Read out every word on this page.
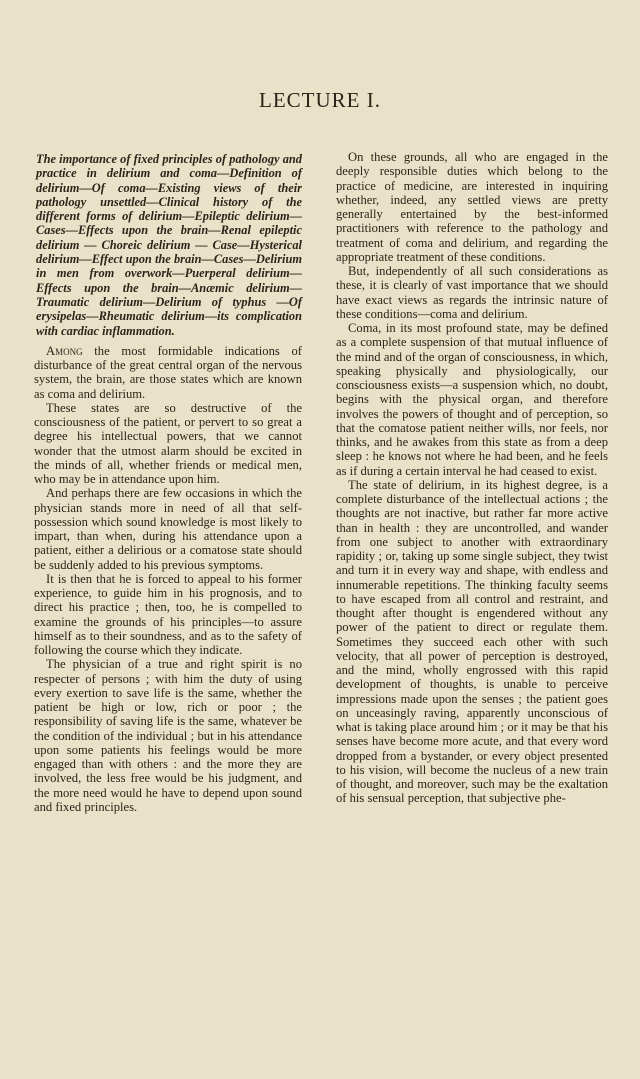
LECTURE I.
The importance of fixed principles of pathology and practice in delirium and coma—Definition of delirium—Of coma—Existing views of their pathology unsettled—Clinical history of the different forms of delirium—Epileptic delirium—Cases—Effects upon the brain—Renal epileptic delirium — Choreic delirium — Case—Hysterical delirium—Effect upon the brain—Cases—Delirium in men from overwork—Puerperal delirium—Effects upon the brain—Anæmic delirium—Traumatic delirium—Delirium of typhus —Of erysipelas—Rheumatic delirium—its complication with cardiac inflammation.

Among the most formidable indications of disturbance of the great central organ of the nervous system, the brain, are those states which are known as coma and delirium.

These states are so destructive of the consciousness of the patient, or pervert to so great a degree his intellectual powers, that we cannot wonder that the utmost alarm should be excited in the minds of all, whether friends or medical men, who may be in attendance upon him.

And perhaps there are few occasions in which the physician stands more in need of all that self-possession which sound knowledge is most likely to impart, than when, during his attendance upon a patient, either a delirious or a comatose state should be suddenly added to his previous symptoms.

It is then that he is forced to appeal to his former experience, to guide him in his prognosis, and to direct his practice ; then, too, he is compelled to examine the grounds of his principles—to assure himself as to their soundness, and as to the safety of following the course which they indicate.

The physician of a true and right spirit is no respecter of persons ; with him the duty of using every exertion to save life is the same, whether the patient be high or low, rich or poor ; the responsibility of saving life is the same, whatever be the condition of the individual ; but in his attendance upon some patients his feelings would be more engaged than with others : and the more they are involved, the less free would be his judgment, and the more need would he have to depend upon sound and fixed principles.

On these grounds, all who are engaged in the deeply responsible duties which belong to the practice of medicine, are interested in inquiring whether, indeed, any settled views are pretty generally entertained by the best-informed practitioners with reference to the pathology and treatment of coma and delirium, and regarding the appropriate treatment of these conditions.

But, independently of all such considerations as these, it is clearly of vast importance that we should have exact views as regards the intrinsic nature of these conditions—coma and delirium.

Coma, in its most profound state, may be defined as a complete suspension of that mutual influence of the mind and of the organ of consciousness, in which, speaking physically and physiologically, our consciousness exists—a suspension which, no doubt, begins with the physical organ, and therefore involves the powers of thought and of perception, so that the comatose patient neither wills, nor feels, nor thinks, and he awakes from this state as from a deep sleep : he knows not where he had been, and he feels as if during a certain interval he had ceased to exist.

The state of delirium, in its highest degree, is a complete disturbance of the intellectual actions ; the thoughts are not inactive, but rather far more active than in health : they are uncontrolled, and wander from one subject to another with extraordinary rapidity ; or, taking up some single subject, they twist and turn it in every way and shape, with endless and innumerable repetitions. The thinking faculty seems to have escaped from all control and restraint, and thought after thought is engendered without any power of the patient to direct or regulate them. Sometimes they succeed each other with such velocity, that all power of perception is destroyed, and the mind, wholly engrossed with this rapid development of thoughts, is unable to perceive impressions made upon the senses ; the patient goes on unceasingly raving, apparently unconscious of what is taking place around him ; or it may be that his senses have become more acute, and that every word dropped from a bystander, or every object presented to his vision, will become the nucleus of a new train of thought, and moreover, such may be the exaltation of his sensual perception, that subjective phe-
